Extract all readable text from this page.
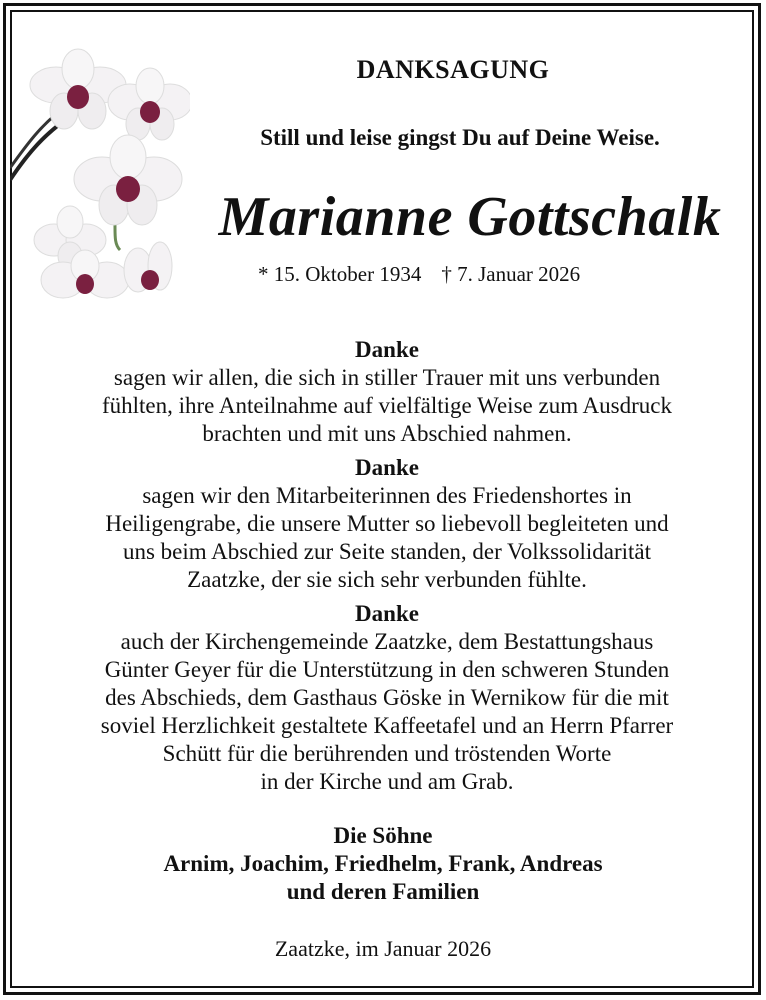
DANKSAGUNG
Still und leise gingst Du auf Deine Weise.
Marianne Gottschalk
* 15. Oktober 1934 † 7. Januar 2026
Danke
sagen wir allen, die sich in stiller Trauer mit uns verbunden
fühlten, ihre Anteilnahme auf vielfältige Weise zum Ausdruck
brachten und mit uns Abschied nahmen.
Danke
sagen wir den Mitarbeiterinnen des Friedenshortes in
Heiligengrabe, die unsere Mutter so liebevoll begleiteten und
uns beim Abschied zur Seite standen, der Volkssolidarität
Zaatzke, der sie sich sehr verbunden fühlte.
Danke
auch der Kirchengemeinde Zaatzke, dem Bestattungshaus
Günter Geyer für die Unterstützung in den schweren Stunden
des Abschieds, dem Gasthaus Göske in Wernikow für die mit
soviel Herzlichkeit gestaltete Kaffeetafel und an Herrn Pfarrer
Schütt für die berührenden und tröstenden Worte
in der Kirche und am Grab.
Die Söhne
Arnim, Joachim, Friedhelm, Frank, Andreas
und deren Familien
Zaatzke, im Januar 2026
